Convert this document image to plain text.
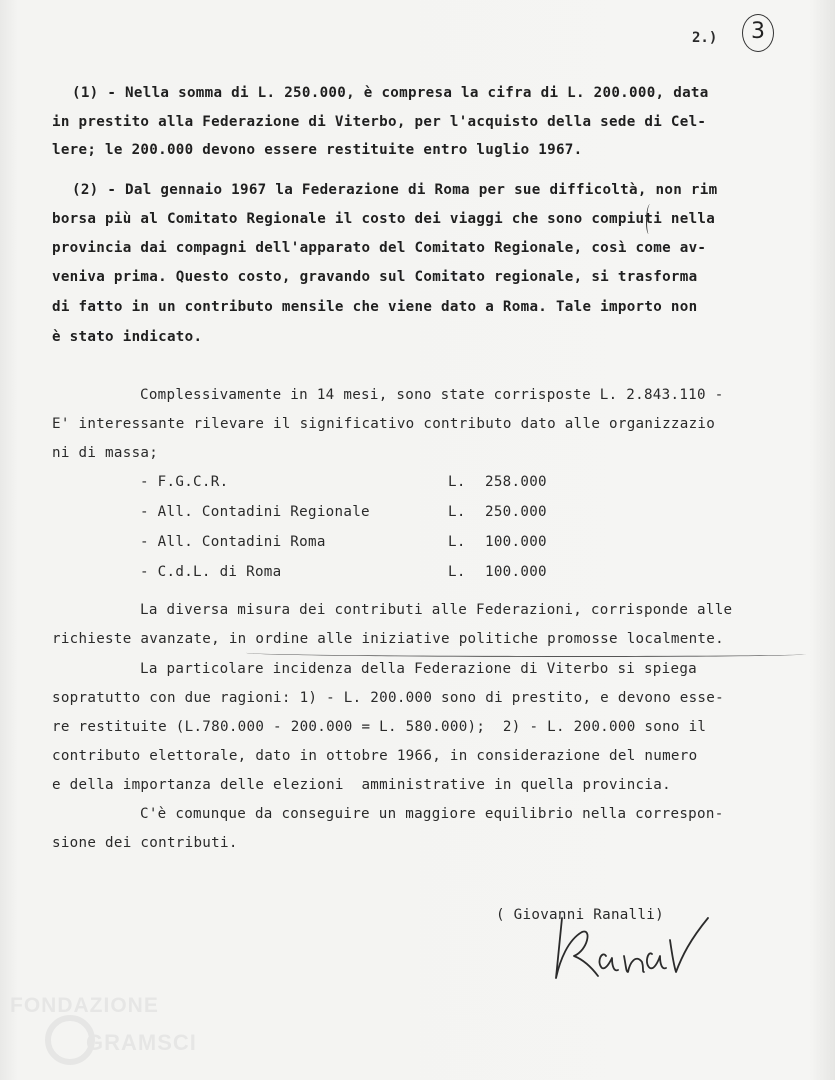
2.)	3
(1) - Nella somma di L. 250.000, è compresa la cifra di L. 200.000, data
in prestito alla Federazione di Viterbo, per l'acquisto della sede di Cel-
lere; le 200.000 devono essere restituite entro luglio 1967.
(2) - Dal gennaio 1967 la Federazione di Roma per sue difficoltà, non rim
borsa più al Comitato Regionale il costo dei viaggi che sono compiuti nella
provincia dai compagni dell'apparato del Comitato Regionale, così come av-
veniva prima. Questo costo, gravando sul Comitato regionale, si trasforma
di fatto in un contributo mensile che viene dato a Roma. Tale importo non
è stato indicato.
Complessivamente in 14 mesi, sono state corrisposte L. 2.843.110 -
E' interessante rilevare il significativo contributo dato alle organizzazio
ni di massa;
- F.G.C.R.	L. 258.000
- All. Contadini Regionale	L. 250.000
- All. Contadini Roma	L. 100.000
- C.d.L. di Roma	L. 100.000
La diversa misura dei contributi alle Federazioni, corrisponde alle
richieste avanzate, in ordine alle iniziative politiche promosse localmente.
La particolare incidenza della Federazione di Viterbo si spiega
sopratutto con due ragioni: 1) - L. 200.000 sono di prestito, e devono esse-
re restituite (L.780.000 - 200.000 = L. 580.000);  2) - L. 200.000 sono il
contributo elettorale, dato in ottobre 1966, in considerazione del numero
e della importanza delle elezioni  amministrative in quella provincia.
C'è comunque da conseguire un maggiore equilibrio nella correspon-
sione dei contributi.
( Giovanni Ranalli)
FONDAZIONE
GRAMSCI
